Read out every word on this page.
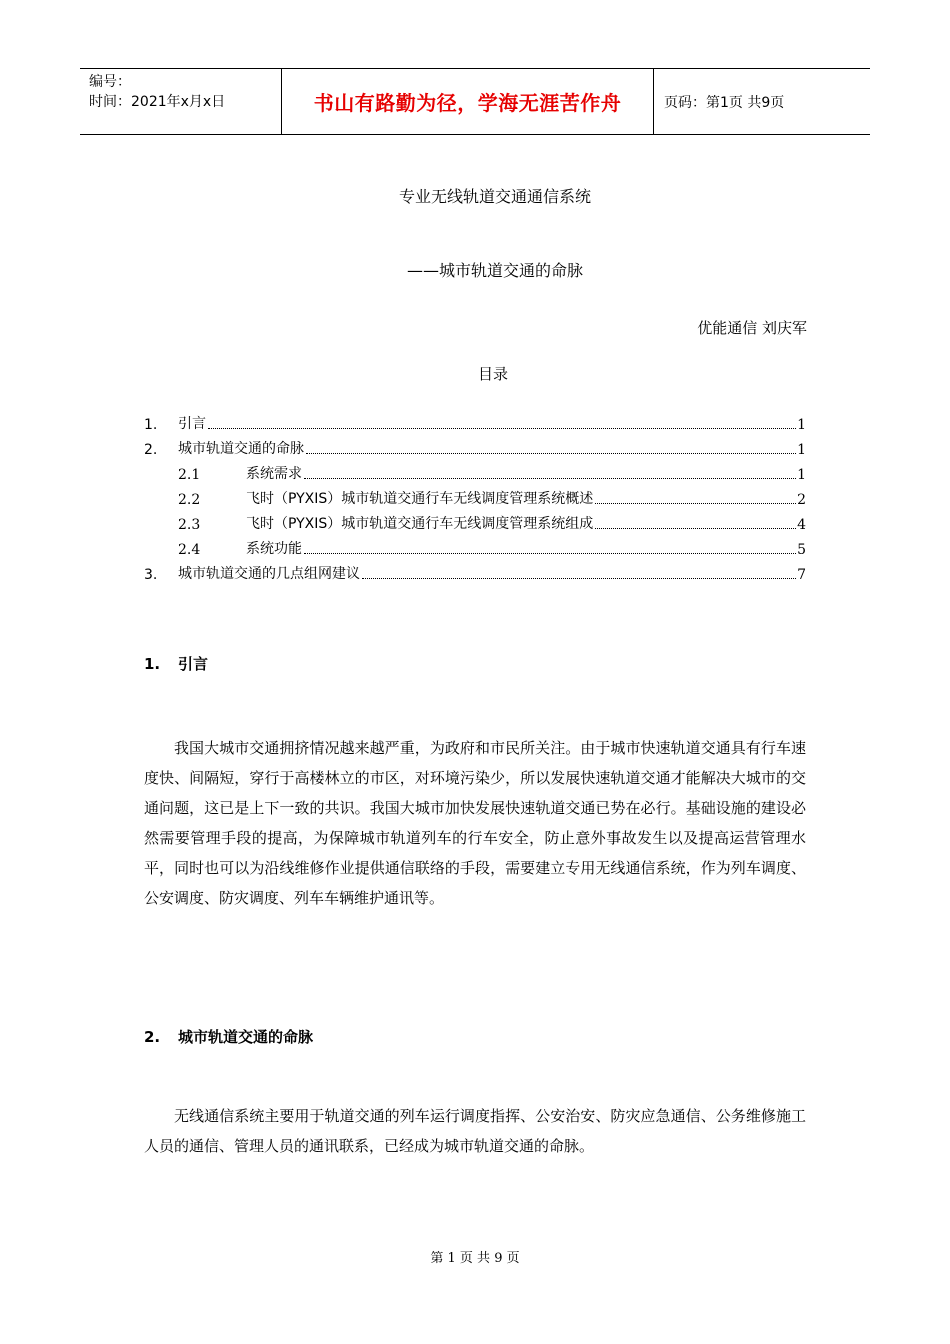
编号：
时间：2021年x月x日	书山有路勤为径，学海无涯苦作舟	页码：第1页 共9页
专业无线轨道交通通信系统
——城市轨道交通的命脉
优能通信 刘庆军
目录
1.	引言	1
2.	城市轨道交通的命脉	1
2.1	系统需求	1
2.2	飞时（PYXIS）城市轨道交通行车无线调度管理系统概述	2
2.3	飞时（PYXIS）城市轨道交通行车无线调度管理系统组成	4
2.4	系统功能	5
3.	城市轨道交通的几点组网建议	7
1. 引言

我国大城市交通拥挤情况越来越严重，为政府和市民所关注。由于城市快速轨道交通具有行车速度快、间隔短，穿行于高楼林立的市区，对环境污染少，所以发展快速轨道交通才能解决大城市的交通问题，这已是上下一致的共识。我国大城市加快发展快速轨道交通已势在必行。基础设施的建设必然需要管理手段的提高，为保障城市轨道列车的行车安全，防止意外事故发生以及提高运营管理水平，同时也可以为沿线维修作业提供通信联络的手段，需要建立专用无线通信系统，作为列车调度、公安调度、防灾调度、列车车辆维护通讯等。

2. 城市轨道交通的命脉

无线通信系统主要用于轨道交通的列车运行调度指挥、公安治安、防灾应急通信、公务维修施工人员的通信、管理人员的通讯联系，已经成为城市轨道交通的命脉。

第 1 页 共 9 页
